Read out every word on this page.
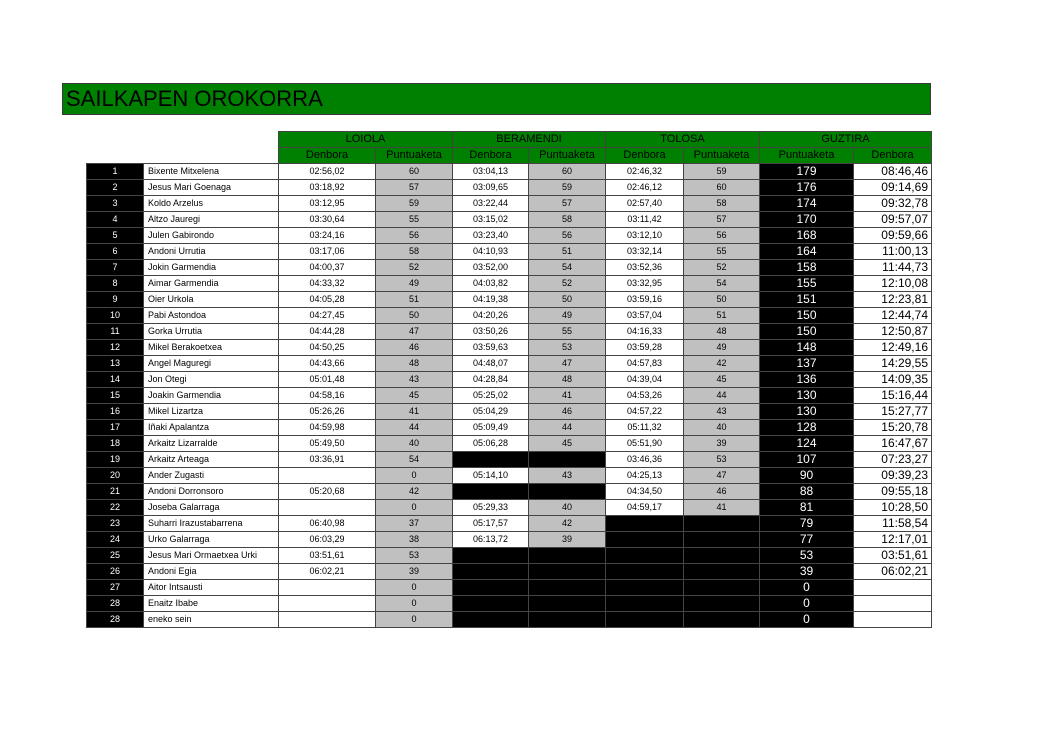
SAILKAPEN OROKORRA
		LOIOLA		BERAMENDI		TOLOSA		GUZTIRA	
		Denbora	Puntuaketa	Denbora	Puntuaketa	Denbora	Puntuaketa	Puntuaketa	Denbora
1	Bixente Mitxelena	02:56,02	60	03:04,13	60	02:46,32	59	179	08:46,46
2	Jesus Mari Goenaga	03:18,92	57	03:09,65	59	02:46,12	60	176	09:14,69
3	Koldo Arzelus	03:12,95	59	03:22,44	57	02:57,40	58	174	09:32,78
4	Altzo Jauregi	03:30,64	55	03:15,02	58	03:11,42	57	170	09:57,07
5	Julen Gabirondo	03:24,16	56	03:23,40	56	03:12,10	56	168	09:59,66
6	Andoni Urrutia	03:17,06	58	04:10,93	51	03:32,14	55	164	11:00,13
7	Jokin Garmendia	04:00,37	52	03:52,00	54	03:52,36	52	158	11:44,73
8	Aimar Garmendia	04:33,32	49	04:03,82	52	03:32,95	54	155	12:10,08
9	Oier Urkola	04:05,28	51	04:19,38	50	03:59,16	50	151	12:23,81
10	Pabi Astondoa	04:27,45	50	04:20,26	49	03:57,04	51	150	12:44,74
11	Gorka Urrutia	04:44,28	47	03:50,26	55	04:16,33	48	150	12:50,87
12	Mikel Berakoetxea	04:50,25	46	03:59,63	53	03:59,28	49	148	12:49,16
13	Angel Maguregi	04:43,66	48	04:48,07	47	04:57,83	42	137	14:29,55
14	Jon Otegi	05:01,48	43	04:28,84	48	04:39,04	45	136	14:09,35
15	Joakin Garmendia	04:58,16	45	05:25,02	41	04:53,26	44	130	15:16,44
16	Mikel Lizartza	05:26,26	41	05:04,29	46	04:57,22	43	130	15:27,77
17	Iñaki Apalantza	04:59,98	44	05:09,49	44	05:11,32	40	128	15:20,78
18	Arkaitz Lizarralde	05:49,50	40	05:06,28	45	05:51,90	39	124	16:47,67
19	Arkaitz Arteaga	03:36,91	54			03:46,36	53	107	07:23,27
20	Ander Zugasti		0	05:14,10	43	04:25,13	47	90	09:39,23
21	Andoni Dorronsoro	05:20,68	42			04:34,50	46	88	09:55,18
22	Joseba Galarraga		0	05:29,33	40	04:59,17	41	81	10:28,50
23	Suharri Irazustabarrena	06:40,98	37	05:17,57	42			79	11:58,54
24	Urko Galarraga	06:03,29	38	06:13,72	39			77	12:17,01
25	Jesus Mari Ormaetxea Urki	03:51,61	53					53	03:51,61
26	Andoni Egia	06:02,21	39					39	06:02,21
27	Aitor Intsausti		0					0	
28	Enaitz Ibabe		0					0	
28	eneko sein		0					0	
